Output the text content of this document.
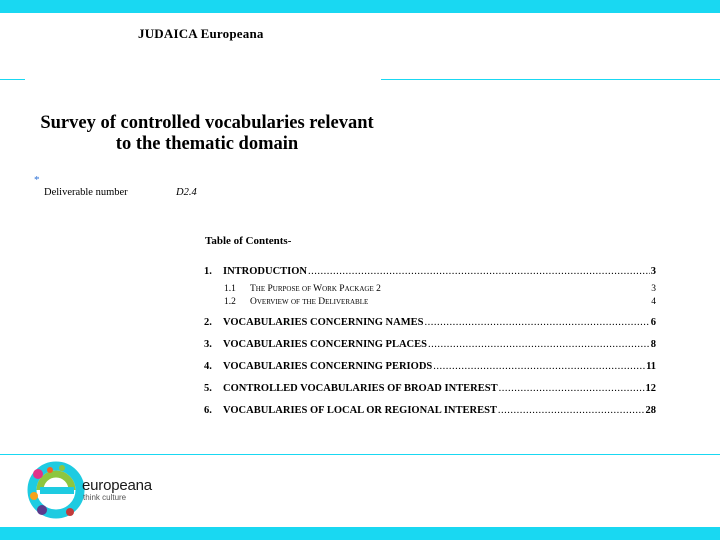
JUDAICA Europeana
Survey of controlled vocabularies relevant
to the thematic domain
*
Deliverable number	D2.4
Table of Contents-
1.	INTRODUCTION .....	3
1.1	The Purpose of Work Package 2	3
1.2	Overview of the Deliverable	4
2.	VOCABULARIES CONCERNING NAMES .....	6
3.	VOCABULARIES CONCERNING PLACES .....	8
4.	VOCABULARIES CONCERNING PERIODS .....	11
5.	CONTROLLED VOCABULARIES OF BROAD INTEREST .....	12
6.	VOCABULARIES OF LOCAL OR REGIONAL INTEREST .....	28
europeana
think culture
